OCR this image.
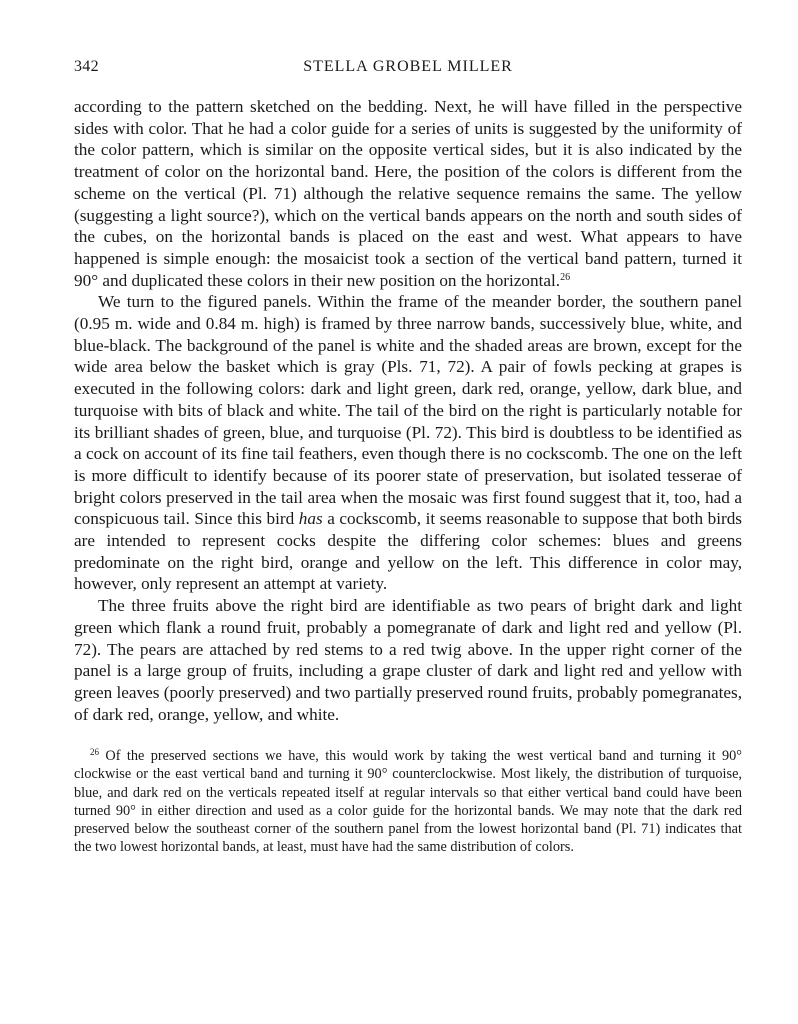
342	STELLA GROBEL MILLER

according to the pattern sketched on the bedding. Next, he will have filled in the perspective sides with color. That he had a color guide for a series of units is suggested by the uniformity of the color pattern, which is similar on the opposite vertical sides, but it is also indicated by the treatment of color on the horizontal band. Here, the position of the colors is different from the scheme on the vertical (Pl. 71) although the relative sequence remains the same. The yellow (suggesting a light source?), which on the vertical bands appears on the north and south sides of the cubes, on the horizontal bands is placed on the east and west. What appears to have happened is simple enough: the mosaicist took a section of the vertical band pattern, turned it 90° and duplicated these colors in their new position on the horizontal.$^{26}$

We turn to the figured panels. Within the frame of the meander border, the southern panel (0.95 m. wide and 0.84 m. high) is framed by three narrow bands, successively blue, white, and blue-black. The background of the panel is white and the shaded areas are brown, except for the wide area below the basket which is gray (Pls. 71, 72). A pair of fowls pecking at grapes is executed in the following colors: dark and light green, dark red, orange, yellow, dark blue, and turquoise with bits of black and white. The tail of the bird on the right is particularly notable for its brilliant shades of green, blue, and turquoise (Pl. 72). This bird is doubtless to be identified as a cock on account of its fine tail feathers, even though there is no cockscomb. The one on the left is more difficult to identify because of its poorer state of preservation, but isolated tesserae of bright colors preserved in the tail area when the mosaic was first found suggest that it, too, had a conspicuous tail. Since this bird has a cockscomb, it seems reasonable to suppose that both birds are intended to represent cocks despite the differing color schemes: blues and greens predominate on the right bird, orange and yellow on the left. This difference in color may, however, only represent an attempt at variety.

The three fruits above the right bird are identifiable as two pears of bright dark and light green which flank a round fruit, probably a pomegranate of dark and light red and yellow (Pl. 72). The pears are attached by red stems to a red twig above. In the upper right corner of the panel is a large group of fruits, including a grape cluster of dark and light red and yellow with green leaves (poorly preserved) and two partially preserved round fruits, probably pomegranates, of dark red, orange, yellow, and white.

$^{26}$ Of the preserved sections we have, this would work by taking the west vertical band and turning it 90° clockwise or the east vertical band and turning it 90° counterclockwise. Most likely, the distribution of turquoise, blue, and dark red on the verticals repeated itself at regular intervals so that either vertical band could have been turned 90° in either direction and used as a color guide for the horizontal bands. We may note that the dark red preserved below the southeast corner of the southern panel from the lowest horizontal band (Pl. 71) indicates that the two lowest horizontal bands, at least, must have had the same distribution of colors.
